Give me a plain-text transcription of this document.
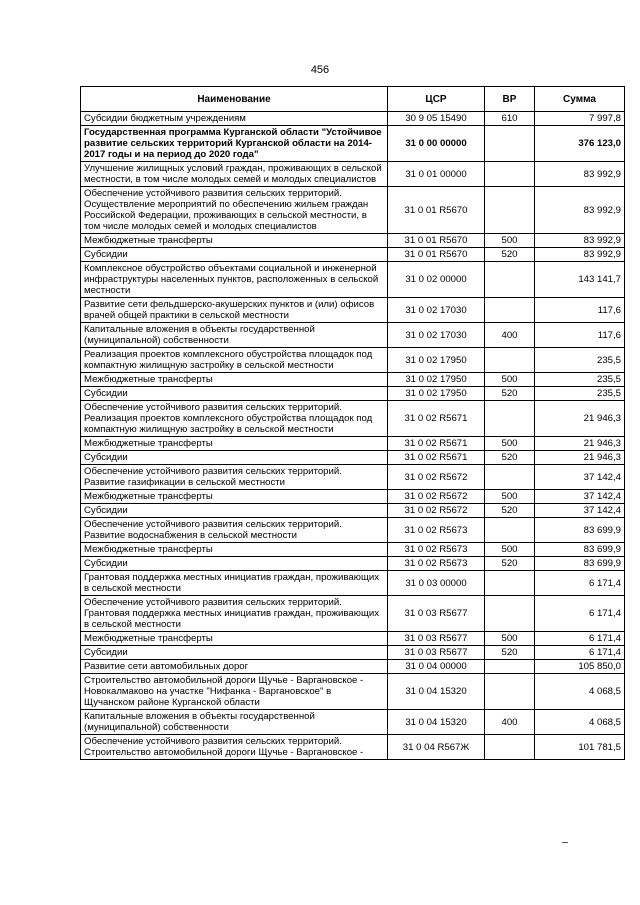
456
Наименование	ЦСР	ВР	Сумма
Субсидии бюджетным учреждениям	30 9 05 15490	610	7 997,8
Государственная программа Курганской области "Устойчивое развитие сельских территорий Курганской области на 2014-2017 годы и на период до 2020 года"	31 0 00 00000		376 123,0
Улучшение жилищных условий граждан, проживающих в сельской местности, в том числе молодых семей и молодых специалистов	31 0 01 00000		83 992,9
Обеспечение устойчивого развития сельских территорий. Осуществление мероприятий по обеспечению жильем граждан Российской Федерации, проживающих в сельской местности, в том числе молодых семей и молодых специалистов	31 0 01 R5670		83 992,9
Межбюджетные трансферты	31 0 01 R5670	500	83 992,9
Субсидии	31 0 01 R5670	520	83 992,9
Комплексное обустройство объектами социальной и инженерной инфраструктуры населенных пунктов, расположенных в сельской местности	31 0 02 00000		143 141,7
Развитие сети фельдшерско-акушерских пунктов и (или) офисов врачей общей практики в сельской местности	31 0 02 17030		117,6
Капитальные вложения в объекты государственной (муниципальной) собственности	31 0 02 17030	400	117,6
Реализация проектов комплексного обустройства площадок под компактную жилищную застройку в сельской местности	31 0 02 17950		235,5
Межбюджетные трансферты	31 0 02 17950	500	235,5
Субсидии	31 0 02 17950	520	235,5
Обеспечение устойчивого развития сельских территорий. Реализация проектов комплексного обустройства площадок под компактную жилищную застройку в сельской местности	31 0 02 R5671		21 946,3
Межбюджетные трансферты	31 0 02 R5671	500	21 946,3
Субсидии	31 0 02 R5671	520	21 946,3
Обеспечение устойчивого развития сельских территорий. Развитие газификации в сельской местности	31 0 02 R5672		37 142,4
Межбюджетные трансферты	31 0 02 R5672	500	37 142,4
Субсидии	31 0 02 R5672	520	37 142,4
Обеспечение устойчивого развития сельских территорий. Развитие водоснабжения в сельской местности	31 0 02 R5673		83 699,9
Межбюджетные трансферты	31 0 02 R5673	500	83 699,9
Субсидии	31 0 02 R5673	520	83 699,9
Грантовая поддержка местных инициатив граждан, проживающих в сельской местности	31 0 03 00000		6 171,4
Обеспечение устойчивого развития сельских территорий. Грантовая поддержка местных инициатив граждан, проживающих в сельской местности	31 0 03 R5677		6 171,4
Межбюджетные трансферты	31 0 03 R5677	500	6 171,4
Субсидии	31 0 03 R5677	520	6 171,4
Развитие сети автомобильных дорог	31 0 04 00000		105 850,0
Строительство автомобильной дороги Щучье - Варгановское - Новокалмаково на участке "Нифанка - Варгановское" в Щучанском районе Курганской области	31 0 04 15320		4 068,5
Капитальные вложения в объекты государственной (муниципальной) собственности	31 0 04 15320	400	4 068,5
Обеспечение устойчивого развития сельских территорий. Строительство автомобильной дороги Щучье - Варгановское -	31 0 04 R567Ж		101 781,5
